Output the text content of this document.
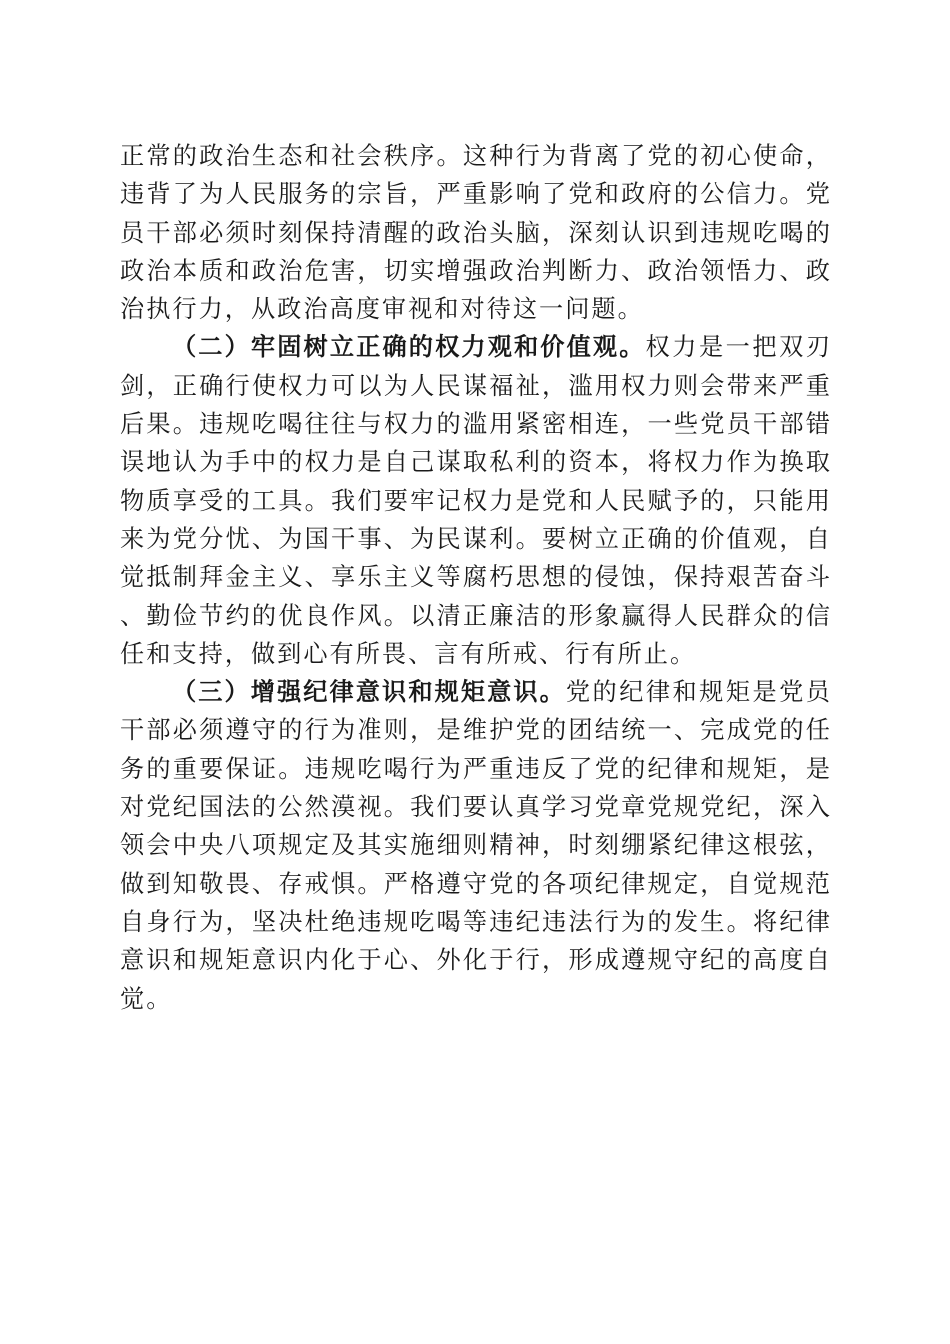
正常的政治生态和社会秩序。这种行为背离了党的初心使命，违背了为人民服务的宗旨，严重影响了党和政府的公信力。党员干部必须时刻保持清醒的政治头脑，深刻认识到违规吃喝的政治本质和政治危害，切实增强政治判断力、政治领悟力、政治执行力，从政治高度审视和对待这一问题。

（二）牢固树立正确的权力观和价值观。权力是一把双刃剑，正确行使权力可以为人民谋福祉，滥用权力则会带来严重后果。违规吃喝往往与权力的滥用紧密相连，一些党员干部错误地认为手中的权力是自己谋取私利的资本，将权力作为换取物质享受的工具。我们要牢记权力是党和人民赋予的，只能用来为党分忧、为国干事、为民谋利。要树立正确的价值观，自觉抵制拜金主义、享乐主义等腐朽思想的侵蚀，保持艰苦奋斗、勤俭节约的优良作风。以清正廉洁的形象赢得人民群众的信任和支持，做到心有所畏、言有所戒、行有所止。

（三）增强纪律意识和规矩意识。党的纪律和规矩是党员干部必须遵守的行为准则，是维护党的团结统一、完成党的任务的重要保证。违规吃喝行为严重违反了党的纪律和规矩，是对党纪国法的公然漠视。我们要认真学习党章党规党纪，深入领会中央八项规定及其实施细则精神，时刻绷紧纪律这根弦，做到知敬畏、存戒惧。严格遵守党的各项纪律规定，自觉规范自身行为，坚决杜绝违规吃喝等违纪违法行为的发生。将纪律意识和规矩意识内化于心、外化于行，形成遵规守纪的高度自觉。
